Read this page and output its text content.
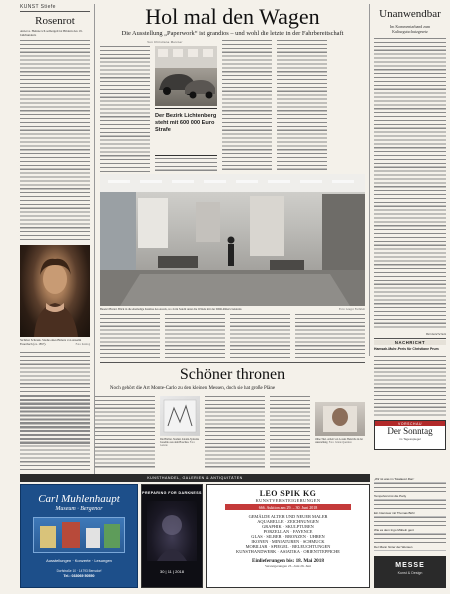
KUNST Stiefe
Rosenrot
Ann-Ca. Heinze ich selbergelt ist Bildern des 19. Jahrhunderts
Sichtbar Schrank. Studie eines Bimers von Anselm Feuerbach (ca. 1857).	Foto: Katalog
Hol mal den Wagen
Die Ausstellung „Paperwork“ ist grandios – und wohl die letzte in der Fahrbereitschaft
Von Christiane Meixner
Der Bezirk Lichtenberg steht mit 600 000 Euro Strafe
Besetzt Hurtel. Blick in die ehemalige Kantine des Areals, wo Jorin Sandtt unter die Wände mit der DDR-Ritterx bekleckt.	Foto: Gregor Fuchtleit
Unanwendbar
Im Kommentarband zum Kulturgutschutzgesetz
Bernhard Schulz
NACHRICHT
Hamsah-Muhr-Preis für Christiane Prum
Schöner thronen
Noch gehört die Art Monte-Carlo zu den kleinen Messen, doch sie hat große Pläne
Die Bücher. Studien Jonatin-Symonie Josselino aus dem Hoschau. Foto: Galerie
Ohne Titel. Arbeit von Lorenz Henrichs in der Ausstellung. Foto: Jonnie Quennan
VORSCHAU
Der Sonntag
im Tagesspiegel
„Wir ist was im Totalausz.Ran“
Tempohorst ist die Party
Ein Interview mit Thomas Bühr
Wie es dem Ingo Möbeln gent
Der Mann hinter der Wensen
KUNSTHANDEL, GALERIEN & ANTIQUITÄTEN
Carl Muhlenhaupt
Museum · Bergenor
Ausstellungen · Konzerte · Lesungen
Dorfstraße 10 · 14793 Bensdorf
Tel.: 033069 50550
PREPARING FOR DARKNESS
30 | 11 | 2018
LEO SPIK KG
KUNSTVERSTEIGERUNGEN
666. Auktion am 29. – 30. Juni 2018
GEMÄLDE ALTER UND NEUER MALER
AQUARELLE · ZEICHNUNGEN
GRAPHIK · SKULPTUREN
PORZELLAN · FAYENCE
GLAS · SILBER · BRONZEN · UHREN
IKONEN · MINIATUREN · SCHMUCK
MOBILIAR · SPIEGEL · BELEUCHTUNGEN
KUNSTHANDWERK · ASIATIKA · ORIENTTEPPICHE
Einlieferungen bis: 18. Mai 2018
Versteigerungen 23.–Juni 26. Juni	MESSE
Kunst & Design
